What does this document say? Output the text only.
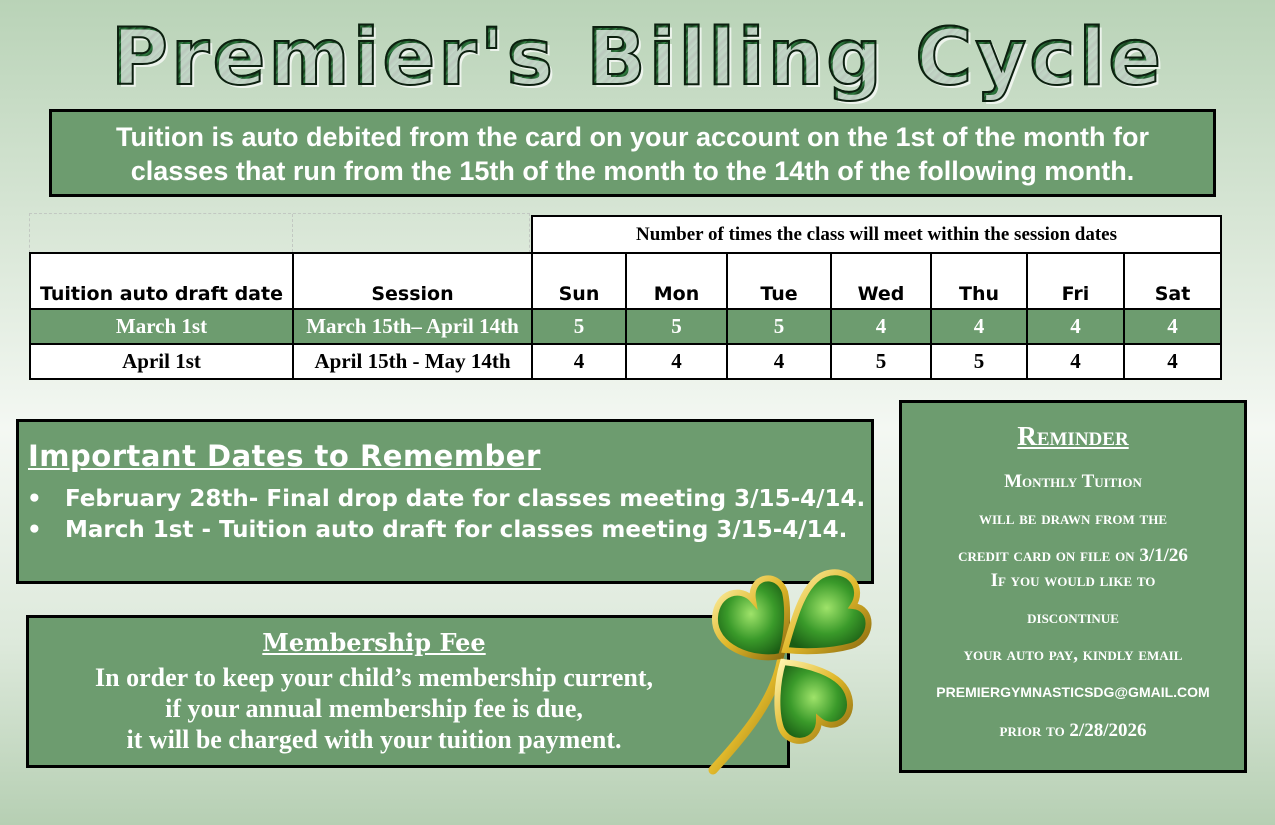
Premier's Billing Cycle
Tuition is auto debited from the card on your account on the 1st of the month for
classes that run from the 15th of the month to the 14th of the following month.
		Number of times the class will meet within the session dates						
Tuition auto draft date	Session	Sun	Mon	Tue	Wed	Thu	Fri	Sat
March 1st	March 15th– April 14th	5	5	5	4	4	4	4
April 1st	April 15th - May 14th	4	4	4	5	5	4	4
Important Dates to Remember
• February 28th- Final drop date for classes meeting 3/15-4/14.
• March 1st - Tuition auto draft for classes meeting 3/15-4/14.
Membership Fee
In order to keep your child’s membership current,
if your annual membership fee is due,
it will be charged with your tuition payment.
Reminder
Monthly Tuition
will be drawn from the
credit card on file on 3/1/26
If you would like to
discontinue
your auto pay, kindly email
PREMIERGYMNASTICSDG@GMAIL.COM
prior to 2/28/2026
